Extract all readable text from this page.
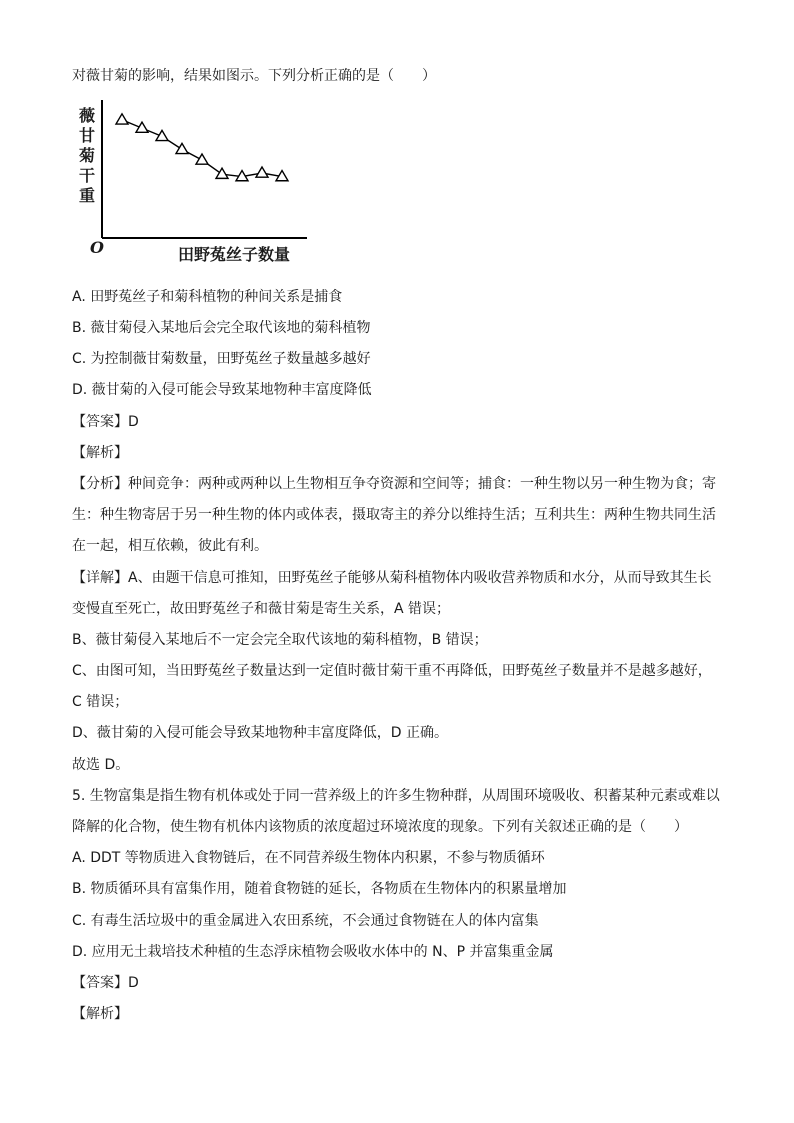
对薇甘菊的影响，结果如图示。下列分析正确的是（　　）
薇甘菊干重
O	田野菟丝子数量
A. 田野菟丝子和菊科植物的种间关系是捕食
B. 薇甘菊侵入某地后会完全取代该地的菊科植物
C. 为控制薇甘菊数量，田野菟丝子数量越多越好
D. 薇甘菊的入侵可能会导致某地物种丰富度降低
【答案】D
【解析】
【分析】种间竞争：两种或两种以上生物相互争夺资源和空间等；捕食：一种生物以另一种生物为食；寄
生：种生物寄居于另一种生物的体内或体表，摄取寄主的养分以维持生活；互利共生：两种生物共同生活
在一起，相互依赖，彼此有利。
【详解】A、由题干信息可推知，田野菟丝子能够从菊科植物体内吸收营养物质和水分，从而导致其生长
变慢直至死亡，故田野菟丝子和薇甘菊是寄生关系，A 错误；
B、薇甘菊侵入某地后不一定会完全取代该地的菊科植物，B 错误；
C、由图可知，当田野菟丝子数量达到一定值时薇甘菊干重不再降低，田野菟丝子数量并不是越多越好，
C 错误；
D、薇甘菊的入侵可能会导致某地物种丰富度降低，D 正确。
故选 D。
5. 生物富集是指生物有机体或处于同一营养级上的许多生物种群，从周围环境吸收、积蓄某种元素或难以
降解的化合物，使生物有机体内该物质的浓度超过环境浓度的现象。下列有关叙述正确的是（　　）
A. DDT 等物质进入食物链后，在不同营养级生物体内积累，不参与物质循环
B. 物质循环具有富集作用，随着食物链的延长，各物质在生物体内的积累量增加
C. 有毒生活垃圾中的重金属进入农田系统，不会通过食物链在人的体内富集
D. 应用无土栽培技术种植的生态浮床植物会吸收水体中的 N、P 并富集重金属
【答案】D
【解析】
